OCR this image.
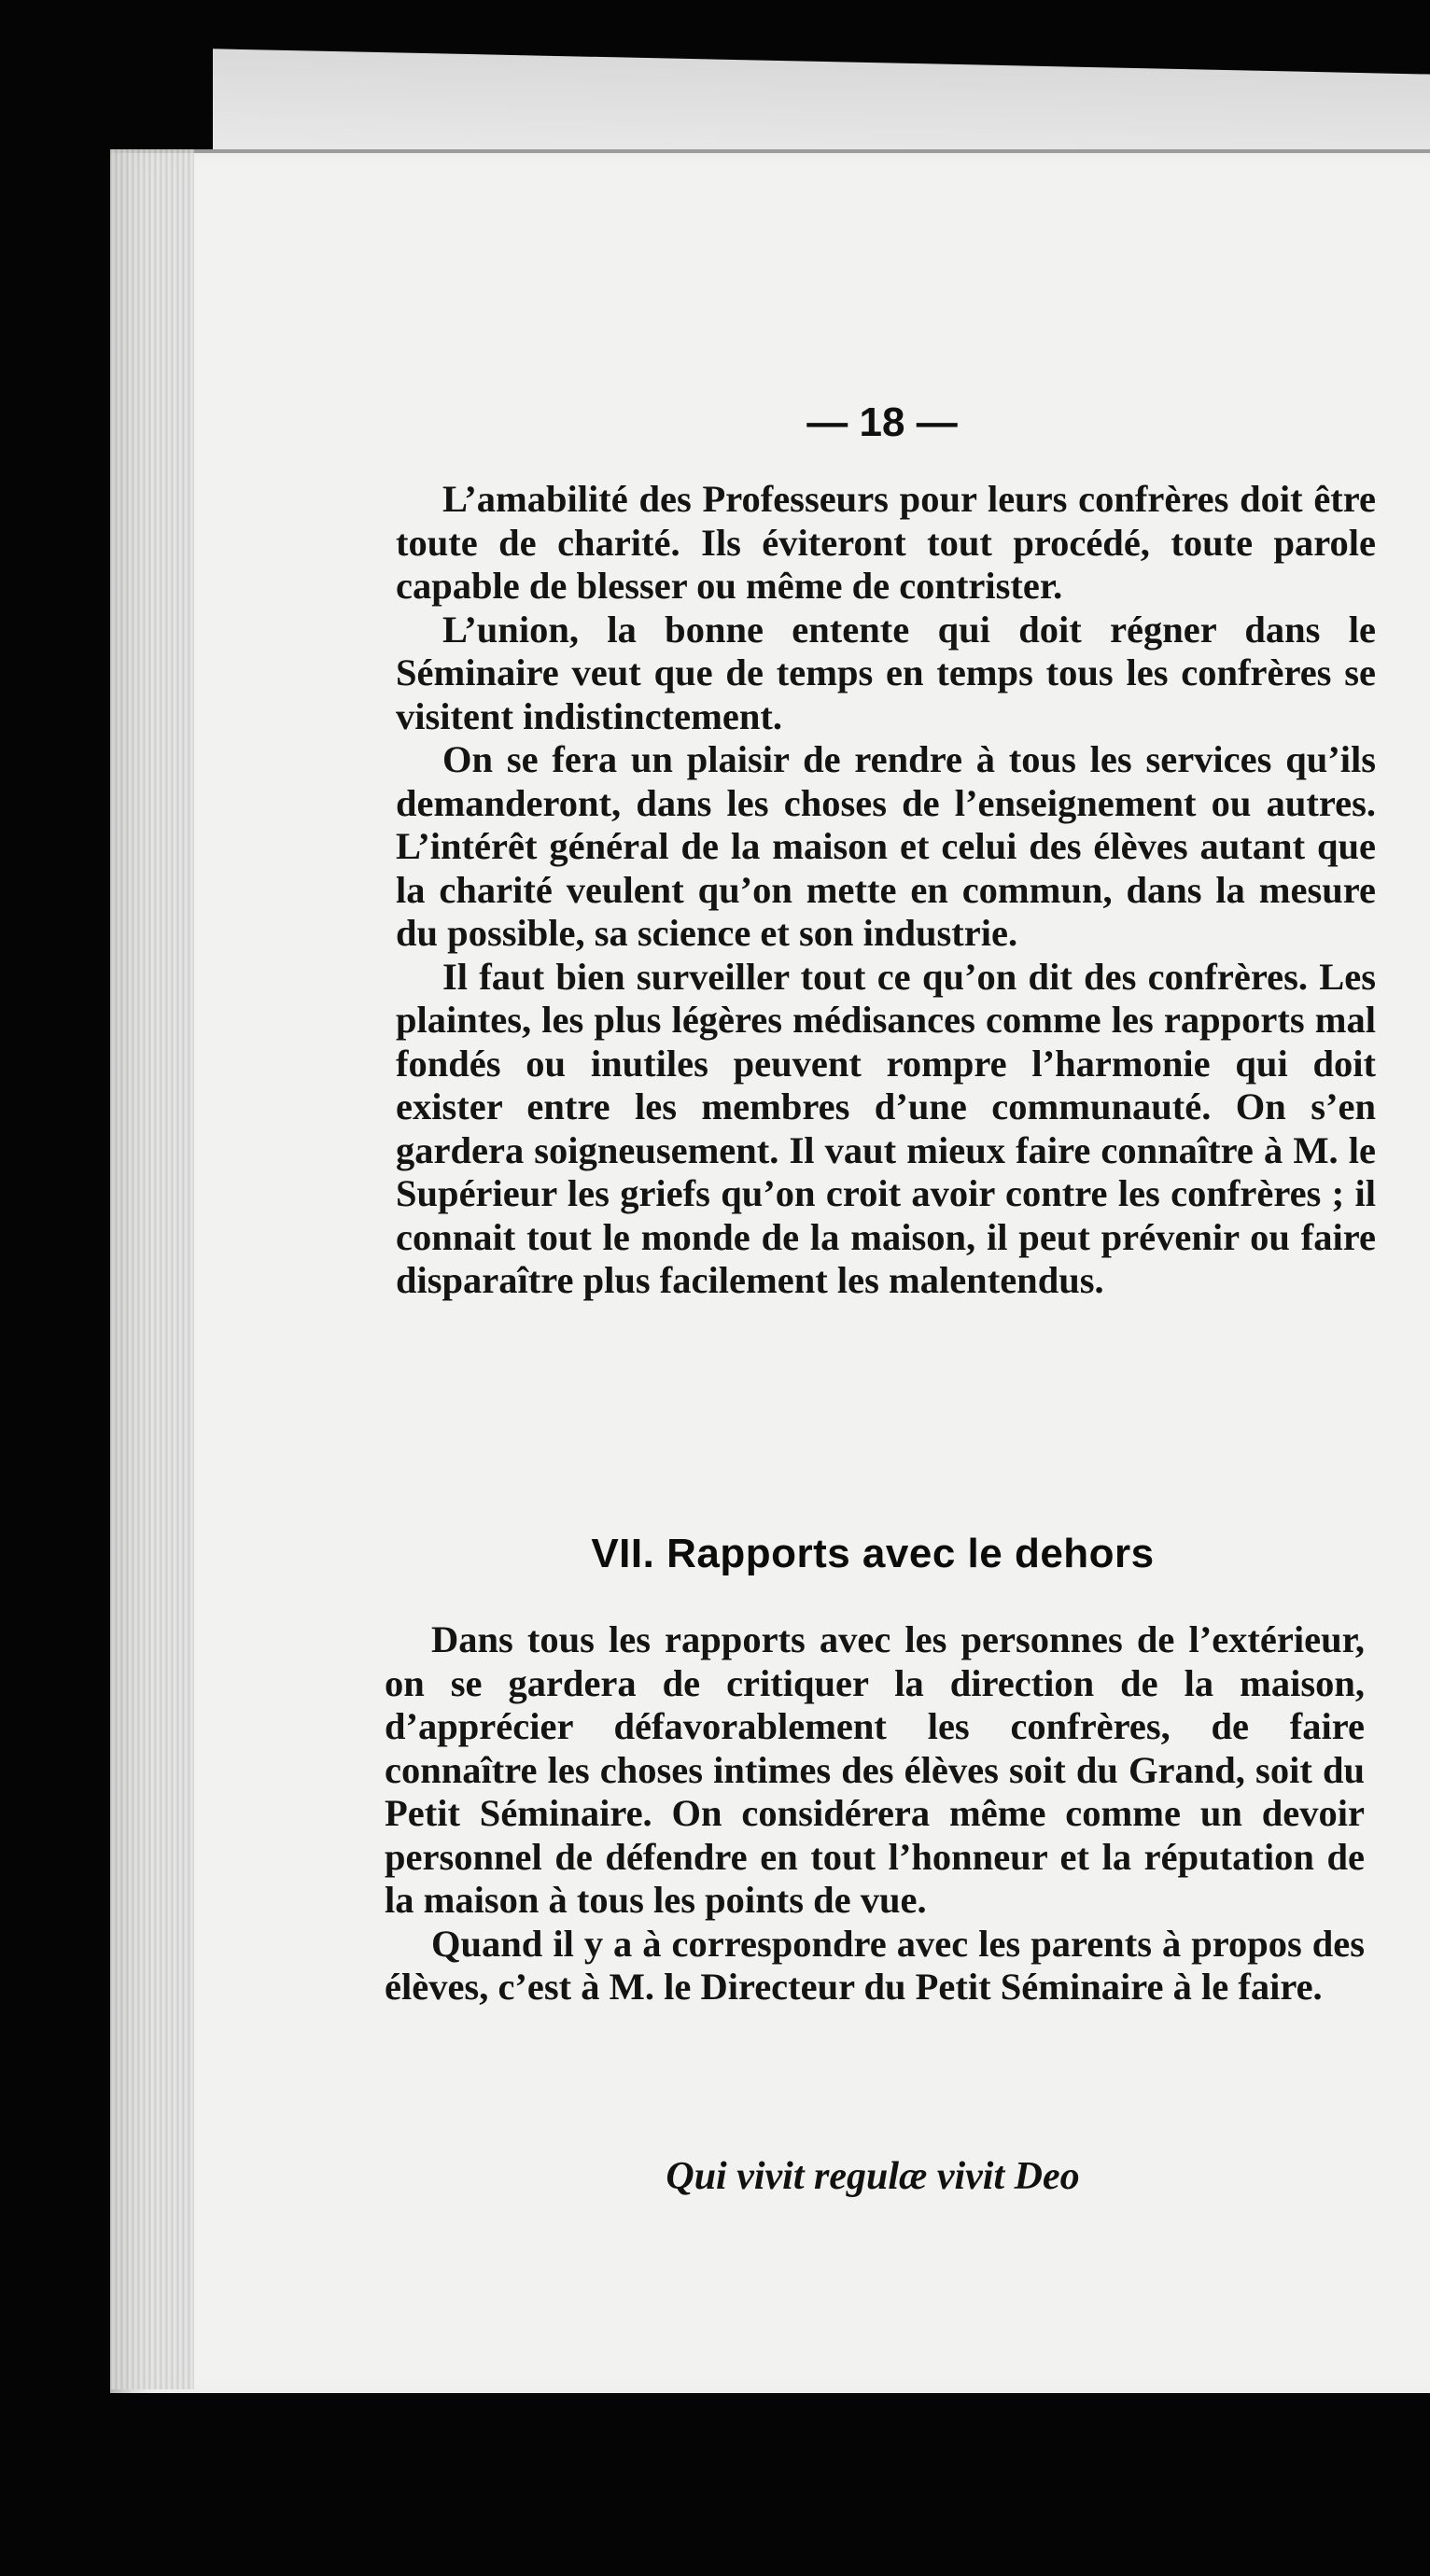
— 18 —

L’amabilité des Professeurs pour leurs confrères doit être toute de charité. Ils éviteront tout procédé, toute parole capable de blesser ou même de contrister.

L’union, la bonne entente qui doit régner dans le Séminaire veut que de temps en temps tous les confrères se visitent indistinctement.

On se fera un plaisir de rendre à tous les services qu’ils demanderont, dans les choses de l’enseignement ou autres. L’intérêt général de la maison et celui des élèves autant que la charité veulent qu’on mette en commun, dans la mesure du possible, sa science et son industrie.

Il faut bien surveiller tout ce qu’on dit des confrères. Les plaintes, les plus légères médisances comme les rapports mal fondés ou inutiles peuvent rompre l’harmonie qui doit exister entre les membres d’une communauté. On s’en gardera soigneusement. Il vaut mieux faire connaître à M. le Supérieur les griefs qu’on croit avoir contre les confrères ; il connait tout le monde de la maison, il peut prévenir ou faire disparaître plus facilement les malentendus.

VII. Rapports avec le dehors

Dans tous les rapports avec les personnes de l’extérieur, on se gardera de critiquer la direction de la maison, d’apprécier défavorablement les confrères, de faire connaître les choses intimes des élèves soit du Grand, soit du Petit Séminaire. On considérera même comme un devoir personnel de défendre en tout l’honneur et la réputation de la maison à tous les points de vue.

Quand il y a à correspondre avec les parents à propos des élèves, c’est à M. le Directeur du Petit Séminaire à le faire.

Qui vivit regulæ vivit Deo
